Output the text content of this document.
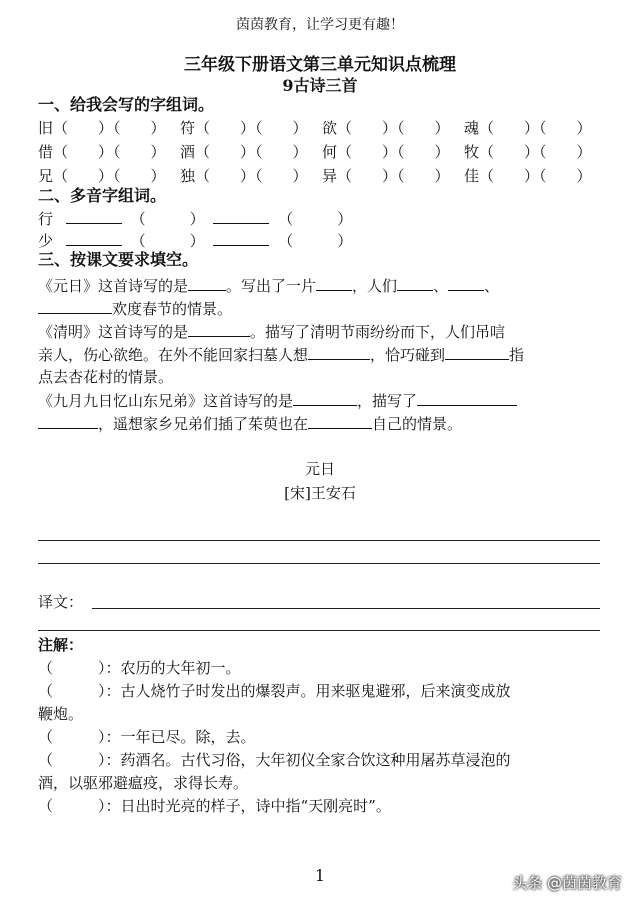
茵茵教育，让学习更有趣！
三年级下册语文第三单元知识点梳理
9古诗三首
一、给我会写的字组词。
旧（　　）（　　） 符（　　）（　　） 欲（　　）（　　） 魂（　　）（　　）
借（　　）（　　） 酒（　　）（　　） 何（　　）（　　） 牧（　　）（　　）
兄（　　）（　　） 独（　　）（　　） 异（　　）（　　） 佳（　　）（　　）
二、多音字组词。
行	（	）	（	）
少	（	）	（	）
三、按课文要求填空。
《元日》这首诗写的是	。写出了一片 ，人们 、 、
欢度春节的情景。
《清明》这首诗写的是	。描写了清明节雨纷纷而下，人们吊唁
亲人，伤心欲绝。在外不能回家扫墓人想	，恰巧碰到	指
点去杏花村的情景。
《九月九日忆山东兄弟》这首诗写的是	，描写了
，遥想家乡兄弟们插了茱萸也在	自己的情景。
元日
[宋]王安石
译文：
注解：
（　　　）：农历的大年初一。
（　　　）：古人烧竹子时发出的爆裂声。用来驱鬼避邪，后来演变成放
鞭炮。
（　　　）：一年已尽。除，去。
（　　　）：药酒名。古代习俗，大年初仪全家合饮这种用屠苏草浸泡的
酒，以驱邪避瘟疫，求得长寿。
（　　　）：日出时光亮的样子，诗中指“天刚亮时”。
1	头条 @茵茵教育
